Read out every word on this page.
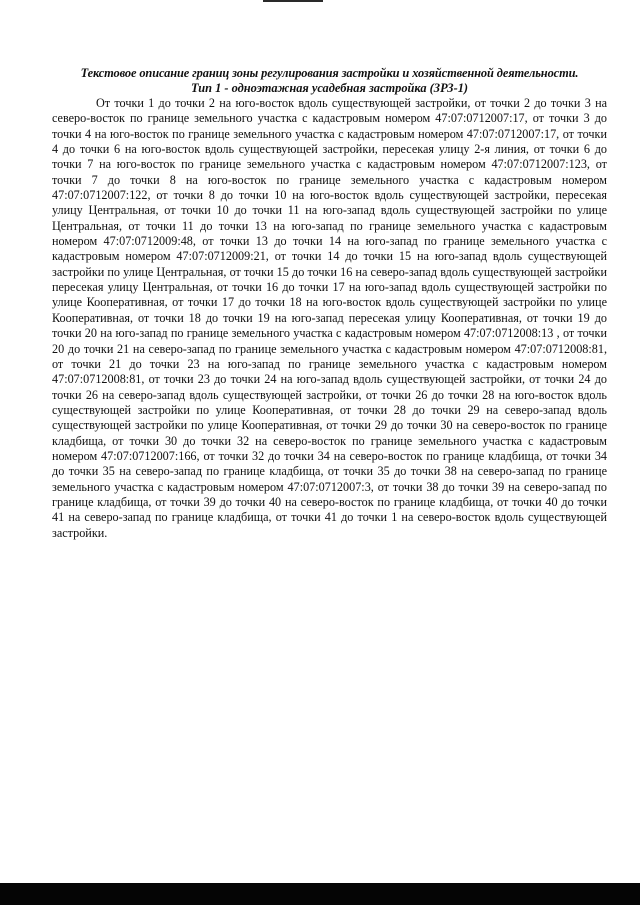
Текстовое описание границ зоны регулирования застройки и хозяйственной деятельности.

Тип 1 - одноэтажная усадебная застройка (ЗРЗ-1)

От точки 1 до точки 2 на юго-восток вдоль существующей застройки, от точки 2 до точки 3 на северо-восток по границе земельного участка с кадастровым номером 47:07:0712007:17, от точки 3 до точки 4 на юго-восток по границе земельного участка с кадастровым номером 47:07:0712007:17, от точки 4 до точки 6 на юго-восток вдоль существующей застройки, пересекая улицу 2-я линия, от точки 6 до точки 7 на юго-восток по границе земельного участка с кадастровым номером 47:07:0712007:123, от точки 7 до точки 8 на юго-восток по границе земельного участка с кадастровым номером 47:07:0712007:122, от точки 8 до точки 10 на юго-восток вдоль существующей застройки, пересекая улицу Центральная, от точки 10 до точки 11 на юго-запад вдоль существующей застройки по улице Центральная, от точки 11 до точки 13 на юго-запад по границе земельного участка с кадастровым номером 47:07:0712009:48, от точки 13 до точки 14 на юго-запад по границе земельного участка с кадастровым номером 47:07:0712009:21, от точки 14 до точки 15 на юго-запад вдоль существующей застройки по улице Центральная, от точки 15 до точки 16 на северо-запад вдоль существующей застройки пересекая улицу Центральная, от точки 16 до точки 17 на юго-запад вдоль существующей застройки по улице Кооперативная, от точки 17 до точки 18 на юго-восток вдоль существующей застройки по улице Кооперативная, от точки 18 до точки 19 на юго-запад пересекая улицу Кооперативная, от точки 19 до точки 20 на юго-запад по границе земельного участка с кадастровым номером 47:07:0712008:13 , от точки 20 до точки 21 на северо-запад по границе земельного участка с кадастровым номером 47:07:0712008:81, от точки 21 до точки 23 на юго-запад по границе земельного участка с кадастровым номером 47:07:0712008:81, от точки 23 до точки 24 на юго-запад вдоль существующей застройки, от точки 24 до точки 26 на северо-запад вдоль существующей застройки, от точки 26 до точки 28 на юго-восток вдоль существующей застройки по улице Кооперативная, от точки 28 до точки 29 на северо-запад вдоль существующей застройки по улице Кооперативная, от точки 29 до точки 30 на северо-восток по границе кладбища, от точки 30 до точки 32 на северо-восток по границе земельного участка с кадастровым номером 47:07:0712007:166, от точки 32 до точки 34 на северо-восток по границе кладбища, от точки 34 до точки 35 на северо-запад по границе кладбища, от точки 35 до точки 38 на северо-запад по границе земельного участка с кадастровым номером 47:07:0712007:3, от точки 38 до точки 39 на северо-запад по границе кладбища, от точки 39 до точки 40 на северо-восток по границе кладбища, от точки 40 до точки 41 на северо-запад по границе кладбища, от точки 41 до точки 1 на северо-восток вдоль существующей застройки.
